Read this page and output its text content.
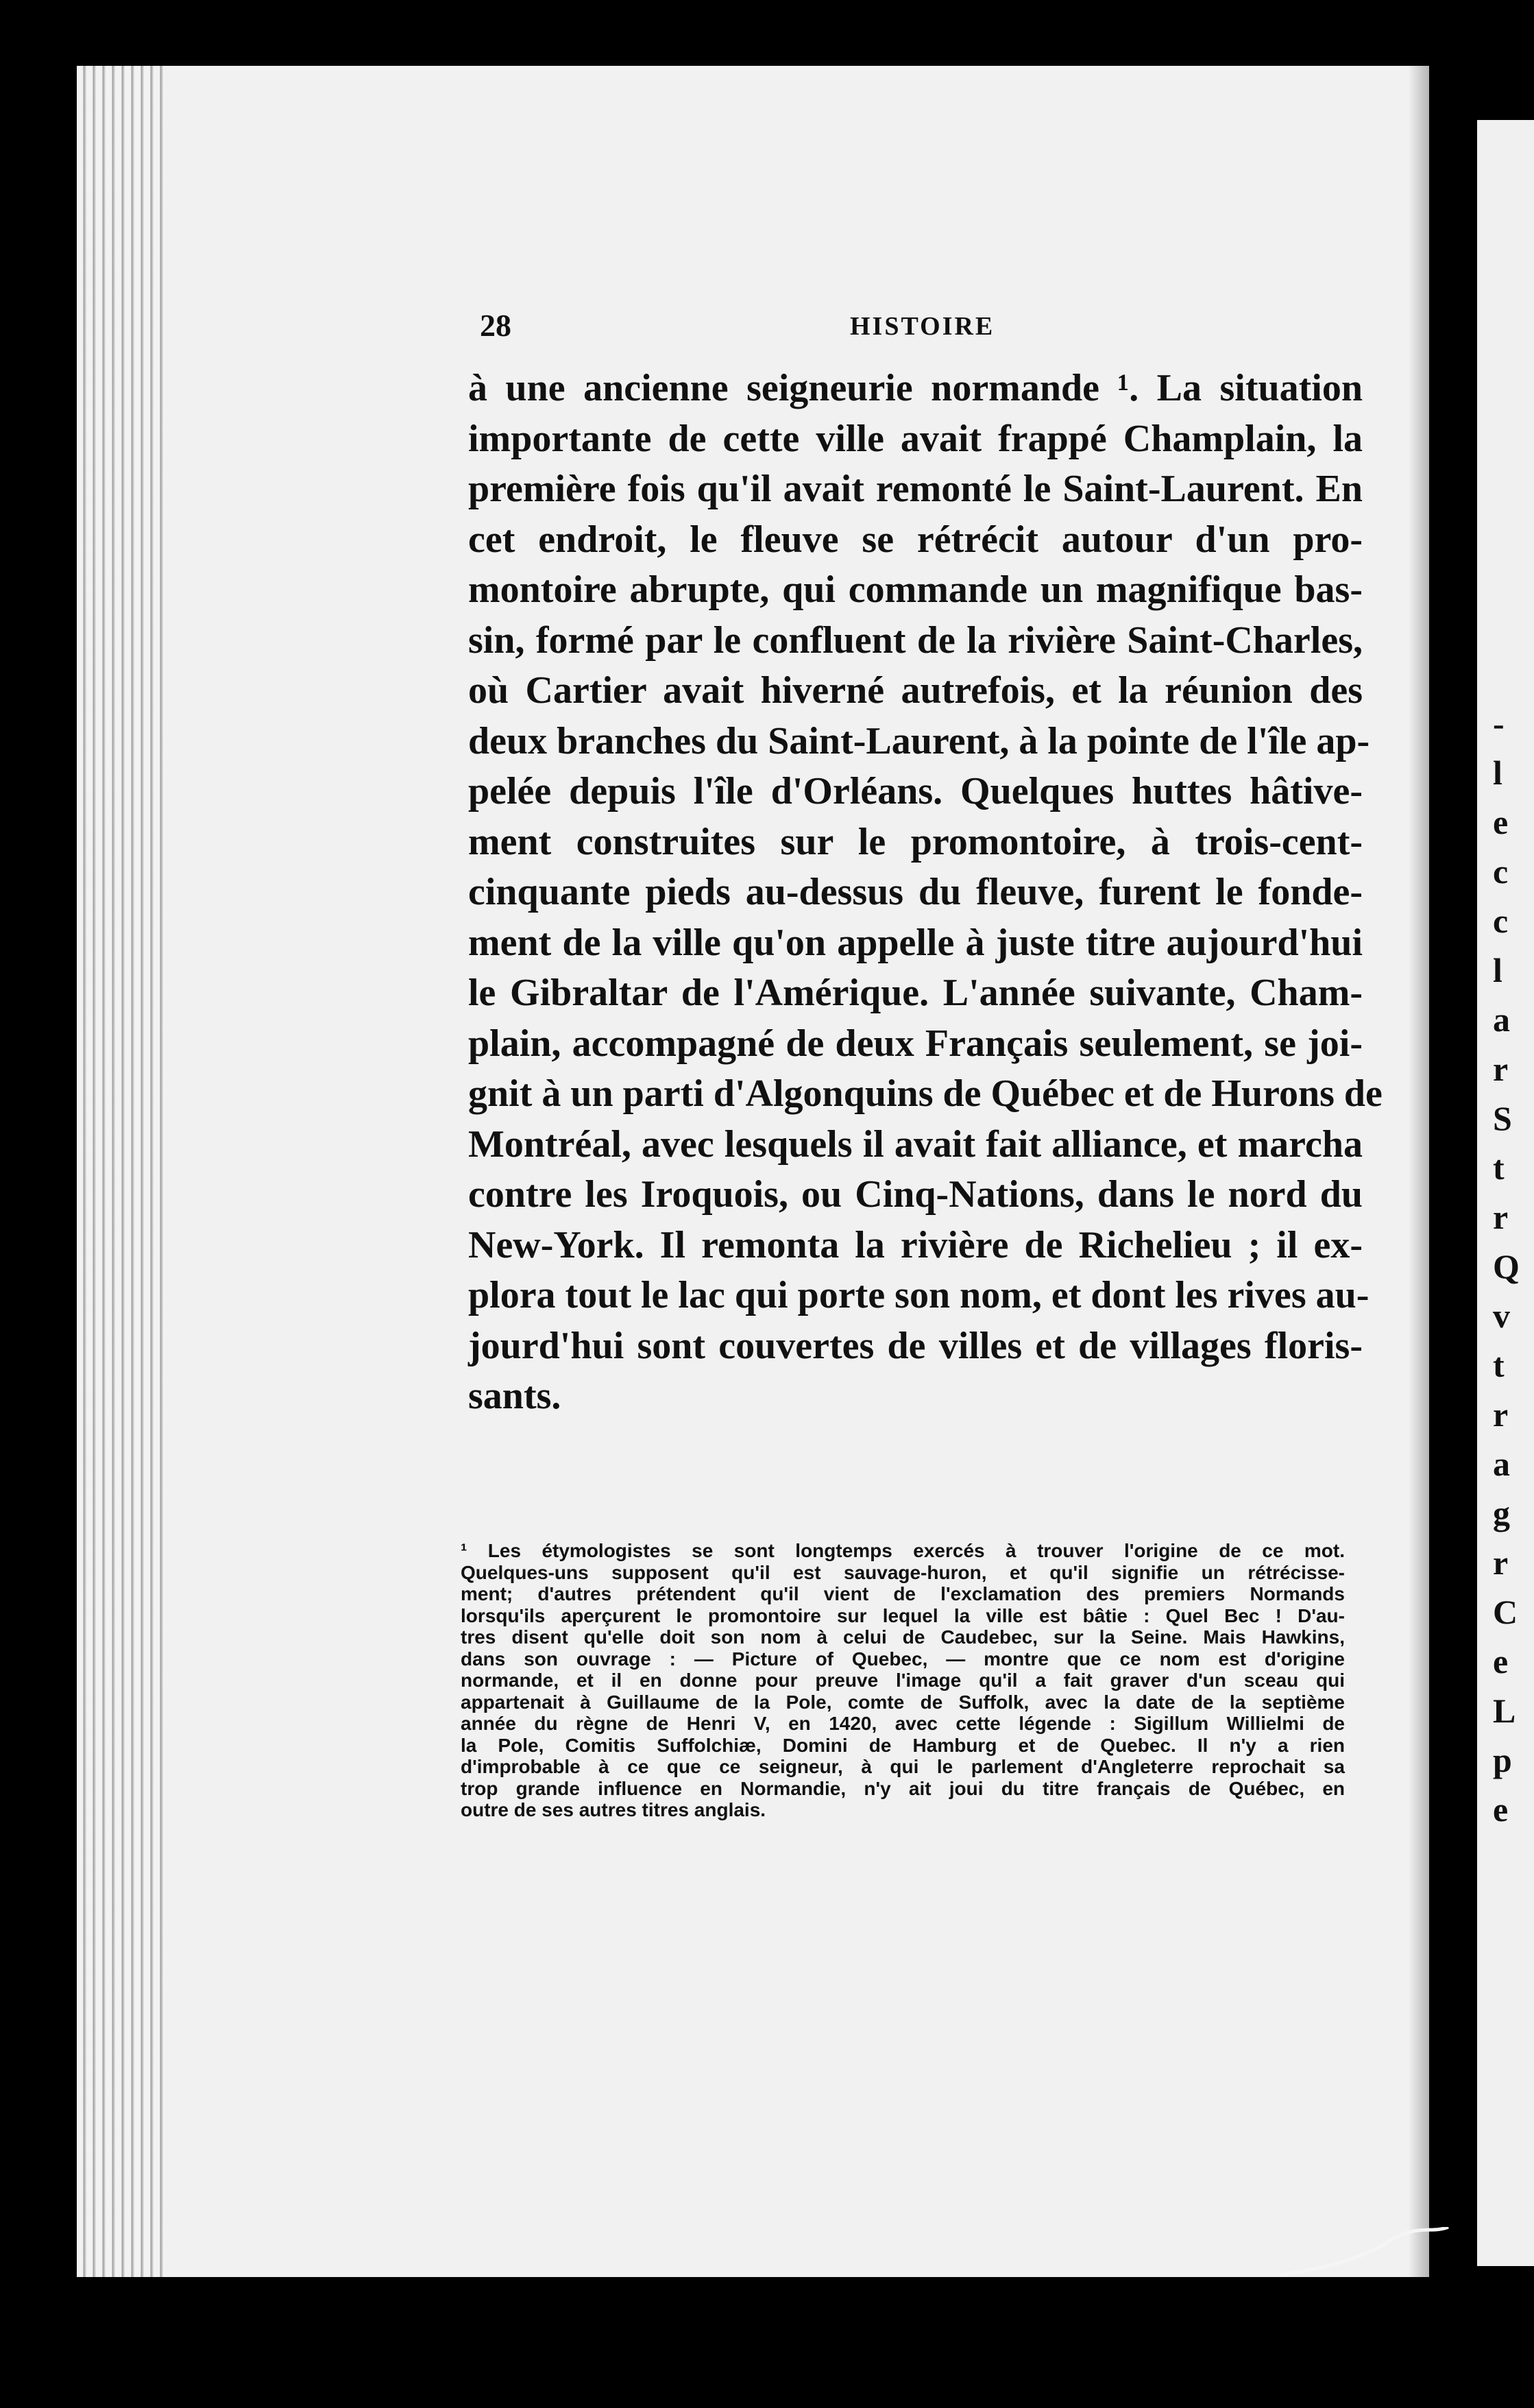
28	HISTOIRE
à une ancienne seigneurie normande ¹. La situation
importante de cette ville avait frappé Champlain, la
première fois qu'il avait remonté le Saint-Laurent. En
cet endroit, le fleuve se rétrécit autour d'un pro-
montoire abrupte, qui commande un magnifique bas-
sin, formé par le confluent de la rivière Saint-Charles,
où Cartier avait hiverné autrefois, et la réunion des
deux branches du Saint-Laurent, à la pointe de l'île ap-
pelée depuis l'île d'Orléans. Quelques huttes hâtive-
ment construites sur le promontoire, à trois-cent-
cinquante pieds au-dessus du fleuve, furent le fonde-
ment de la ville qu'on appelle à juste titre aujourd'hui
le Gibraltar de l'Amérique. L'année suivante, Cham-
plain, accompagné de deux Français seulement, se joi-
gnit à un parti d'Algonquins de Québec et de Hurons de
Montréal, avec lesquels il avait fait alliance, et marcha
contre les Iroquois, ou Cinq-Nations, dans le nord du
New-York. Il remonta la rivière de Richelieu ; il ex-
plora tout le lac qui porte son nom, et dont les rives au-
jourd'hui sont couvertes de villes et de villages floris-
sants.
¹ Les étymologistes se sont longtemps exercés à trouver l'origine de ce mot.
Quelques-uns supposent qu'il est sauvage-huron, et qu'il signifie un rétrécisse-
ment; d'autres prétendent qu'il vient de l'exclamation des premiers Normands
lorsqu'ils aperçurent le promontoire sur lequel la ville est bâtie : Quel Bec ! D'au-
tres disent qu'elle doit son nom à celui de Caudebec, sur la Seine. Mais Hawkins,
dans son ouvrage : — Picture of Quebec, — montre que ce nom est d'origine
normande, et il en donne pour preuve l'image qu'il a fait graver d'un sceau qui
appartenait à Guillaume de la Pole, comte de Suffolk, avec la date de la septième
année du règne de Henri V, en 1420, avec cette légende : Sigillum Willielmi de
la Pole, Comitis Suffolchiæ, Domini de Hamburg et de Quebec. Il n'y a rien
d'improbable à ce que ce seigneur, à qui le parlement d'Angleterre reprochait sa
trop grande influence en Normandie, n'y ait joui du titre français de Québec, en
outre de ses autres titres anglais.
-
l
e
c
c
l
a
r
S
t
r
Q
v
t
r
a
g
r
C
e
L
p
e
